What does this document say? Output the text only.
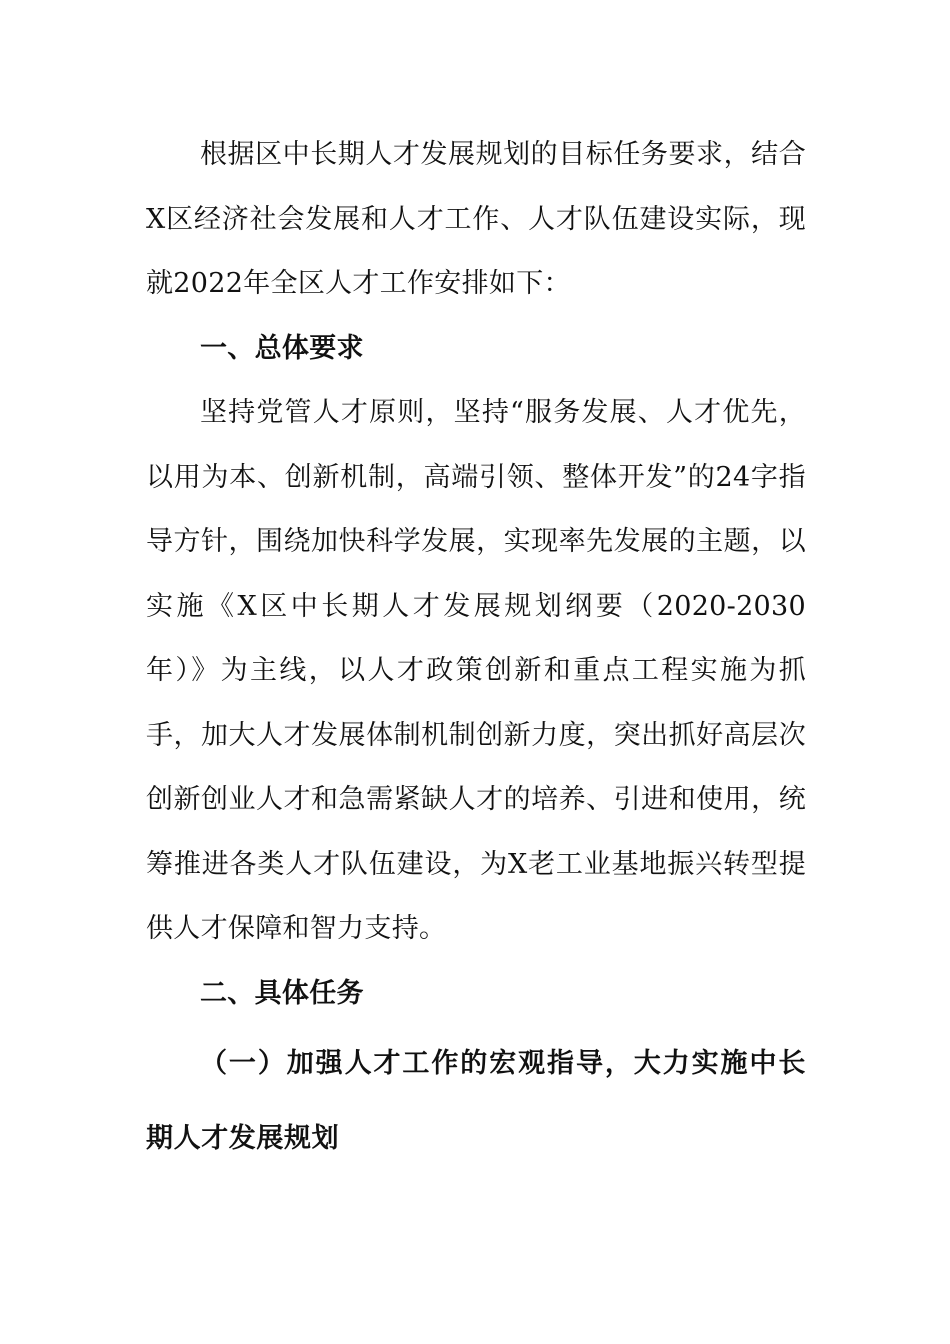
根据区中长期人才发展规划的目标任务要求，结合X区经济社会发展和人才工作、人才队伍建设实际，现就2022年全区人才工作安排如下：

一、总体要求

坚持党管人才原则，坚持“服务发展、人才优先，以用为本、创新机制，高端引领、整体开发”的24字指导方针，围绕加快科学发展，实现率先发展的主题，以实施《X区中长期人才发展规划纲要（2020-2030年）》为主线，以人才政策创新和重点工程实施为抓手，加大人才发展体制机制创新力度，突出抓好高层次创新创业人才和急需紧缺人才的培养、引进和使用，统筹推进各类人才队伍建设，为X老工业基地振兴转型提供人才保障和智力支持。

二、具体任务

（一）加强人才工作的宏观指导，大力实施中长期人才发展规划
